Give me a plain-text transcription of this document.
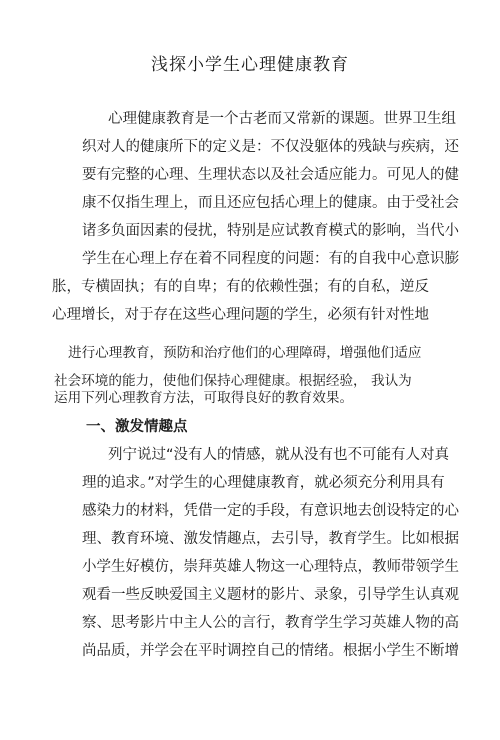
浅探小学生心理健康教育
心理健康教育是一个古老而又常新的课题。世界卫生组
织对人的健康所下的定义是：不仅没躯体的残缺与疾病，还
要有完整的心理、生理状态以及社会适应能力。可见人的健
康不仅指生理上，而且还应包括心理上的健康。由于受社会
诸多负面因素的侵扰，特别是应试教育模式的影响，当代小
学生在心理上存在着不同程度的问题：有的自我中心意识膨
胀，专横固执；有的自卑；有的依赖性强；有的自私，逆反
心理增长，对于存在这些心理问题的学生，必须有针对性地
进行心理教育，预防和治疗他们的心理障碍，增强他们适应
社会环境的能力，使他们保持心理健康。根据经验， 我认为
运用下列心理教育方法，可取得良好的教育效果。
一、激发情趣点
列宁说过“没有人的情感，就从没有也不可能有人对真
理的追求。”对学生的心理健康教育，就必须充分利用具有
感染力的材料，凭借一定的手段，有意识地去创设特定的心
理、教育环境、激发情趣点，去引导，教育学生。比如根据
小学生好模仿，崇拜英雄人物这一心理特点，教师带领学生
观看一些反映爱国主义题材的影片、录象，引导学生认真观
察、思考影片中主人公的言行，教育学生学习英雄人物的高
尚品质，并学会在平时调控自己的情绪。根据小学生不断增
